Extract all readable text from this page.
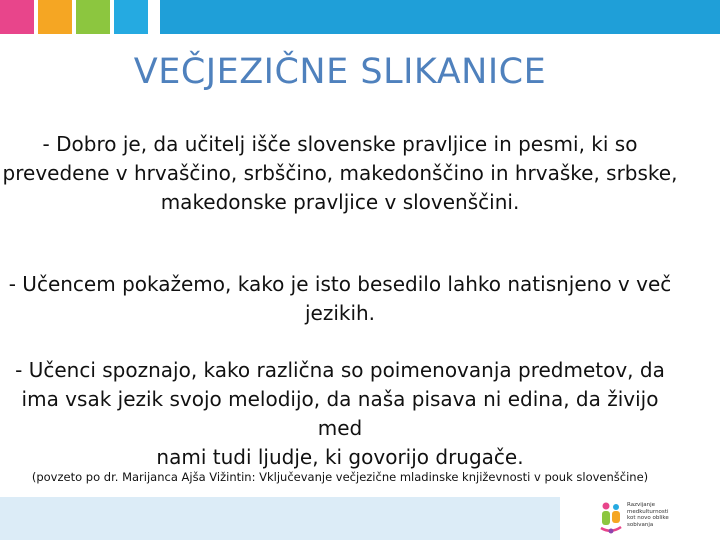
VEČJEZIČNE SLIKANICE
- Dobro je, da učitelj išče slovenske pravljice in pesmi, ki so
prevedene v hrvaščino, srbščino, makedonščino in hrvaške, srbske,
makedonske pravljice v slovenščini.
- Učencem pokažemo, kako je isto besedilo lahko natisnjeno v več
jezikih.
- Učenci spoznajo, kako različna so poimenovanja predmetov, da
ima vsak jezik svojo melodijo, da naša pisava ni edina, da živijo med
nami tudi ljudje, ki govorijo drugače.
(povzeto po dr. Marijanca Ajša Vižintin: Vključevanje večjezične mladinske književnosti v pouk slovenščine)
Razvijanje
medkulturnosti
kot novo oblike
sobivanja
